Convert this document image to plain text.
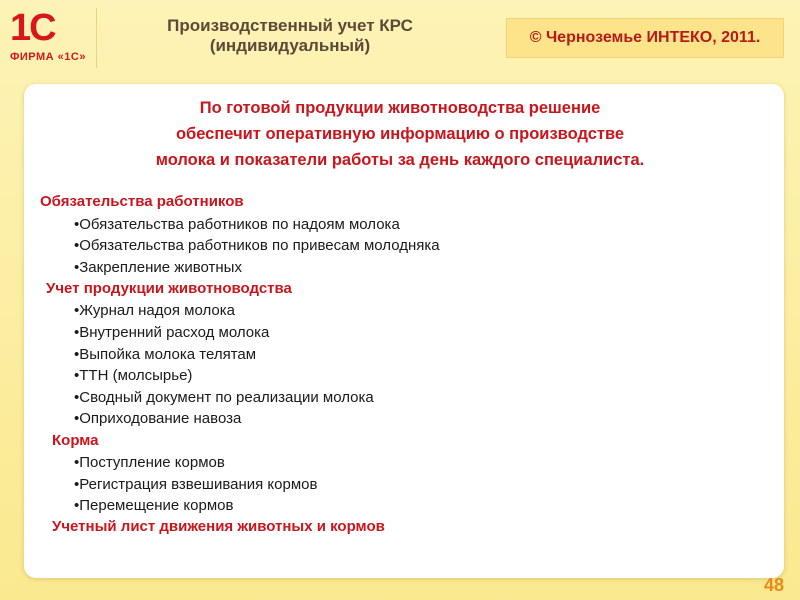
1С
ФИРМА «1С»
Производственный учет КРС
(индивидуальный)	© Черноземье ИНТЕКО, 2011.
По готовой продукции животноводства решение
обеспечит оперативную информацию о производстве
молока и показатели работы за день каждого специалиста.
Обязательства работников
•Обязательства работников по надоям молока
•Обязательства работников по привесам молодняка
•Закрепление животных
Учет продукции животноводства
•Журнал надоя молока
•Внутренний расход молока
•Выпойка молока телятам
•ТТН (молсырье)
•Сводный документ по реализации молока
•Оприходование навоза
Корма
•Поступление кормов
•Регистрация взвешивания кормов
•Перемещение кормов
Учетный лист движения животных и кормов
48
